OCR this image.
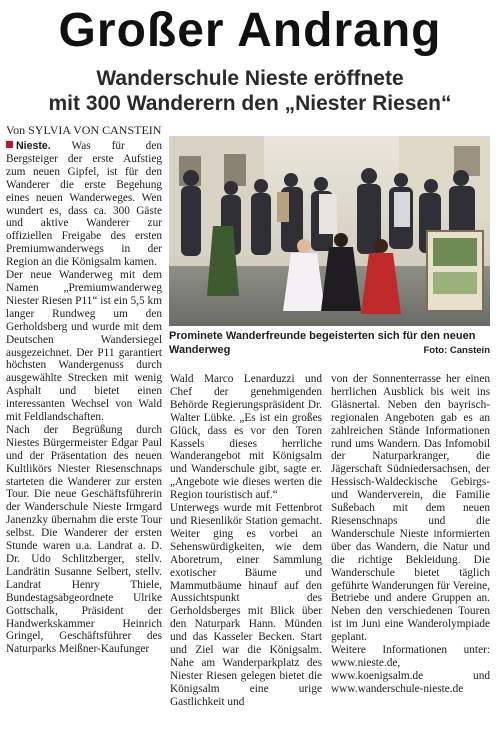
Großer Andrang
Wanderschule Nieste eröffnete
mit 300 Wanderern den „Niester Riesen“
Von SYLVIA VON CANSTEIN

Nieste. Was für den Bergsteiger der erste Aufstieg zum neuen Gipfel, ist für den Wanderer die erste Begehung eines neuen Wanderweges. Wen wundert es, dass ca. 300 Gäste und aktive Wanderer zur offiziellen Freigabe des ersten Premiumwanderwegs in der Region an die Königsalm kamen.

Der neue Wanderweg mit dem Namen „Premiumwanderweg Niester Riesen P11“ ist ein 5,5 km langer Rundweg um den Gerholdsberg und wurde mit dem Deutschen Wandersiegel ausgezeichnet. Der P11 garantiert höchsten Wandergenuss durch ausgewählte Strecken mit wenig Asphalt und bietet einen interessanten Wechsel von Wald mit Feldlandschaften.

Nach der Begrüßung durch Niestes Bürgermeister Edgar Paul und der Präsentation des neuen Kultlikörs Niester Riesenschnaps starteten die Wanderer zur ersten Tour. Die neue Geschäftsführerin der Wanderschule Nieste Irmgard Janenzky übernahm die erste Tour selbst. Die Wanderer der ersten Stunde waren u.a. Landrat a. D. Dr. Udo Schlitzberger, stellv. Landrätin Susanne Selbert, stellv. Landrat Henry Thiele, Bundestagsabgeordnete Ulrike Gottschalk, Präsident der Handwerkskammer Heinrich Gringel, Geschäftsführer des Naturparks Meißner-Kaufunger

Prominete Wanderfreunde begeisterten sich für den neuen Wanderweg	Foto: Canstein

Wald Marco Lenarduzzi und Chef der genehmigenden Behörde Regierungspräsident Dr. Walter Lübke. „Es ist ein großes Glück, dass es vor den Toren Kassels dieses herrliche Wanderangebot mit Königsalm und Wanderschule gibt, sagte er. „Angebote wie dieses werten die Region touristisch auf.“

Unterwegs wurde mit Fettenbrot und Riesenlikör Station gemacht. Weiter ging es vorbei an Sehenswürdigkeiten, wie dem Aboretrum, einer Sammlung exotischer Bäume und Mammutbäume hinauf auf den Aussichtspunkt des Gerholdsberges mit Blick über den Naturpark Hann. Münden und das Kasseler Becken. Start und Ziel war die Königsalm. Nahe am Wanderparkplatz des Niester Riesen gelegen bietet die Königsalm eine urige Gastlichkeit und

von der Sonnenterrasse her einen herrlichen Ausblick bis weit ins Gläsnertal. Neben den bayrisch-regionalen Angeboten gab es an zahlreichen Stände Informationen rund ums Wandern. Das Infomobil der Naturparkranger, die Jägerschaft Südniedersachsen, der Hessisch-Waldeckische Gebirgs- und Wanderverein, die Familie Sußebach mit dem neuen Riesenschnaps und die Wanderschule Nieste informierten über das Wandern, die Natur und die richtige Bekleidung. Die Wanderschule bietet täglich geführte Wanderungen für Vereine, Betriebe und andere Gruppen an. Neben den verschiedenen Touren ist im Juni eine Wanderolympiade geplant.

Weitere Informationen unter: www.nieste.de, www.koenigsalm.de und www.wanderschule-nieste.de
